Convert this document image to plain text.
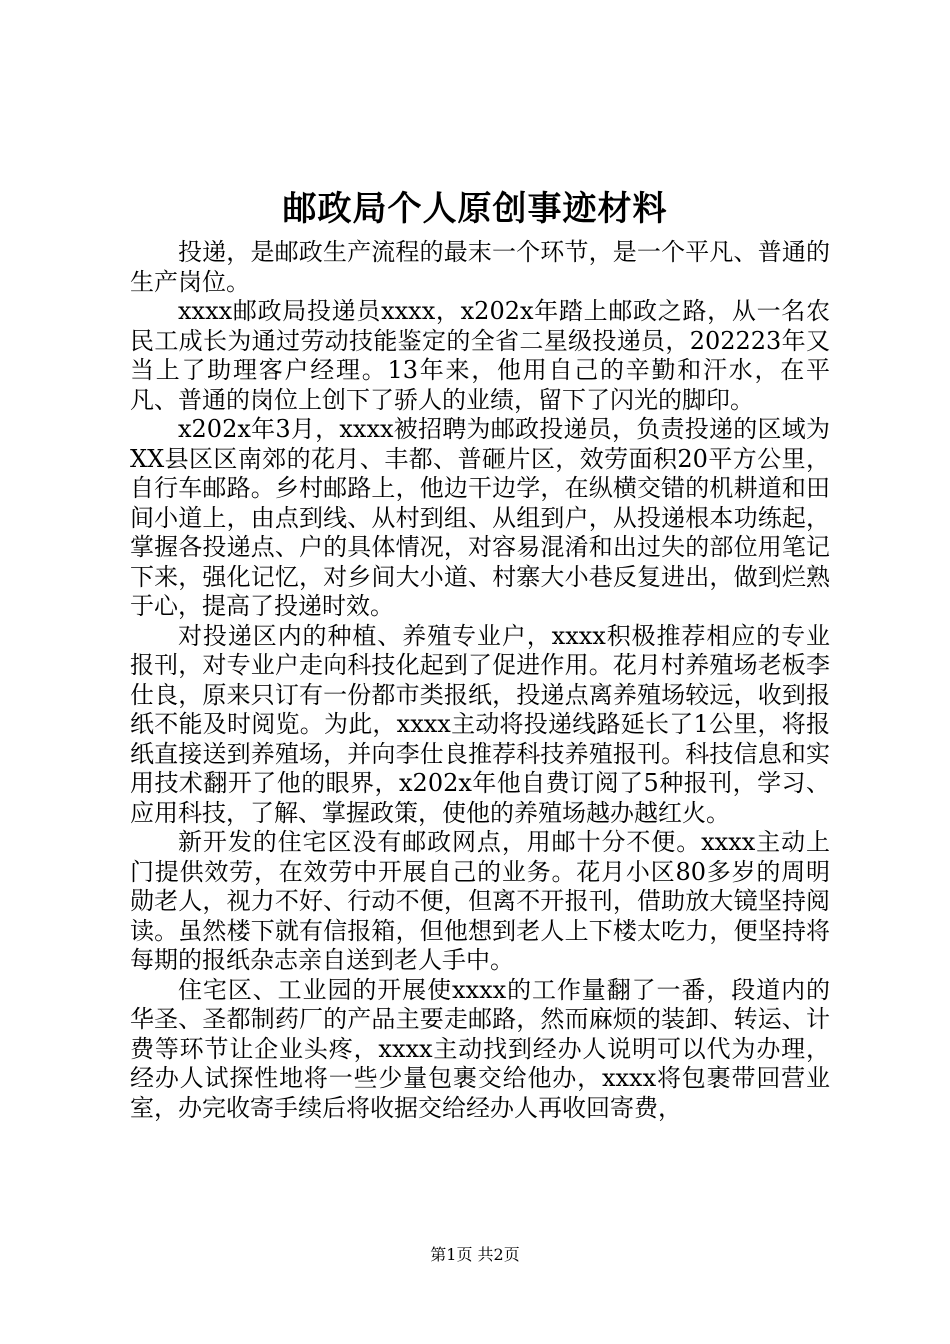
邮政局个人原创事迹材料

投递，是邮政生产流程的最末一个环节，是一个平凡、普通的生产岗位。

xxxx邮政局投递员xxxx，x202x年踏上邮政之路，从一名农民工成长为通过劳动技能鉴定的全省二星级投递员，202223年又当上了助理客户经理。13年来，他用自己的辛勤和汗水，在平凡、普通的岗位上创下了骄人的业绩，留下了闪光的脚印。

x202x年3月，xxxx被招聘为邮政投递员，负责投递的区域为XX县区区南郊的花月、丰都、普砸片区，效劳面积20平方公里，自行车邮路。乡村邮路上，他边干边学，在纵横交错的机耕道和田间小道上，由点到线、从村到组、从组到户，从投递根本功练起，掌握各投递点、户的具体情况，对容易混淆和出过失的部位用笔记下来，强化记忆，对乡间大小道、村寨大小巷反复进出，做到烂熟于心，提高了投递时效。

对投递区内的种植、养殖专业户，xxxx积极推荐相应的专业报刊，对专业户走向科技化起到了促进作用。花月村养殖场老板李仕良，原来只订有一份都市类报纸，投递点离养殖场较远，收到报纸不能及时阅览。为此，xxxx主动将投递线路延长了1公里，将报纸直接送到养殖场，并向李仕良推荐科技养殖报刊。科技信息和实用技术翻开了他的眼界，x202x年他自费订阅了5种报刊，学习、应用科技，了解、掌握政策，使他的养殖场越办越红火。

新开发的住宅区没有邮政网点，用邮十分不便。xxxx主动上门提供效劳，在效劳中开展自己的业务。花月小区80多岁的周明勋老人，视力不好、行动不便，但离不开报刊，借助放大镜坚持阅读。虽然楼下就有信报箱，但他想到老人上下楼太吃力，便坚持将每期的报纸杂志亲自送到老人手中。

住宅区、工业园的开展使xxxx的工作量翻了一番，段道内的华圣、圣都制药厂的产品主要走邮路，然而麻烦的装卸、转运、计费等环节让企业头疼，xxxx主动找到经办人说明可以代为办理，经办人试探性地将一些少量包裹交给他办，xxxx将包裹带回营业室，办完收寄手续后将收据交给经办人再收回寄费，

第1页 共2页
